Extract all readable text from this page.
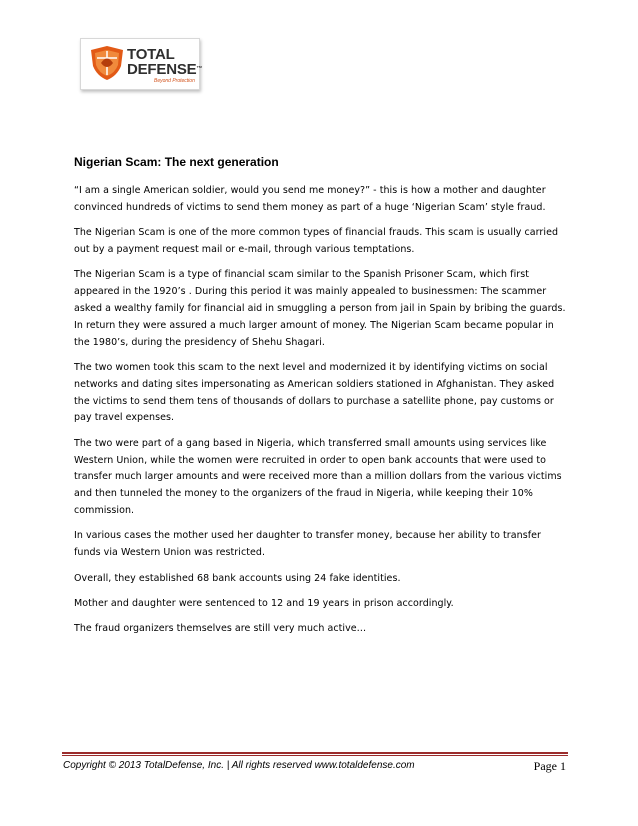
TOTAL
DEFENSE™
Beyond Protection
Nigerian Scam: The next generation

“I am a single American soldier, would you send me money?” - this is how a mother and daughter convinced hundreds of victims to send them money as part of a huge ‘Nigerian Scam’ style fraud.

The Nigerian Scam is one of the more common types of financial frauds. This scam is usually carried out by a payment request mail or e-mail, through various temptations.

The Nigerian Scam is a type of financial scam similar to the Spanish Prisoner Scam, which first appeared in the 1920’s . During this period it was mainly appealed to businessmen: The scammer asked a wealthy family for financial aid in smuggling a person from jail in Spain by bribing the guards. In return they were assured a much larger amount of money. The Nigerian Scam became popular in the 1980’s, during the presidency of Shehu Shagari.

The two women took this scam to the next level and modernized it by identifying victims on social networks and dating sites impersonating as American soldiers stationed in Afghanistan. They asked the victims to send them tens of thousands of dollars to purchase a satellite phone, pay customs or pay travel expenses.

The two were part of a gang based in Nigeria, which transferred small amounts using services like Western Union, while the women were recruited in order to open bank accounts that were used to transfer much larger amounts and were received more than a million dollars from the various victims and then tunneled the money to the organizers of the fraud in Nigeria, while keeping their 10% commission.

In various cases the mother used her daughter to transfer money, because her ability to transfer funds via Western Union was restricted.

Overall, they established 68 bank accounts using 24 fake identities.

Mother and daughter were sentenced to 12 and 19 years in prison accordingly.

The fraud organizers themselves are still very much active…

Copyright © 2013 TotalDefense, Inc. | All rights reserved www.totaldefense.com	Page 1
